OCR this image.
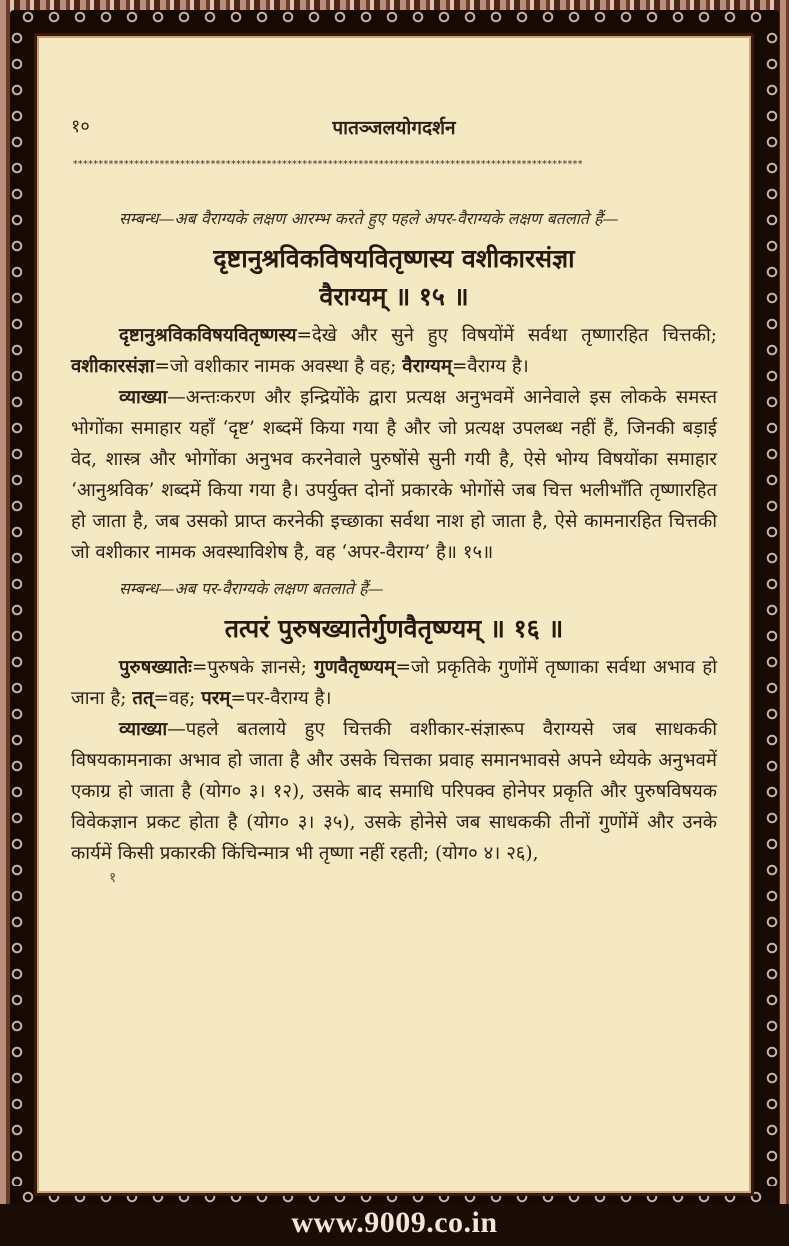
१०	पातञ्जलयोगदर्शन
****************************************************************************************************

सम्बन्ध—अब वैराग्यके लक्षण आरम्भ करते हुए पहले अपर-वैराग्यके लक्षण बतलाते हैं—

दृष्टानुश्रविकविषयवितृष्णस्य वशीकारसंज्ञा
वैराग्यम् ॥ १५ ॥

दृष्टानुश्रविकविषयवितृष्णस्य=देखे और सुने हुए विषयोंमें सर्वथा तृष्णारहित चित्तकी; वशीकारसंज्ञा=जो वशीकार नामक अवस्था है वह; वैराग्यम्=वैराग्य है।

व्याख्या—अन्तःकरण और इन्द्रियोंके द्वारा प्रत्यक्ष अनुभवमें आनेवाले इस लोकके समस्त भोगोंका समाहार यहाँ ‘दृष्ट’ शब्दमें किया गया है और जो प्रत्यक्ष उपलब्ध नहीं हैं, जिनकी बड़ाई वेद, शास्त्र और भोगोंका अनुभव करनेवाले पुरुषोंसे सुनी गयी है, ऐसे भोग्य विषयोंका समाहार ‘आनुश्रविक’ शब्दमें किया गया है। उपर्युक्त दोनों प्रकारके भोगोंसे जब चित्त भलीभाँति तृष्णारहित हो जाता है, जब उसको प्राप्त करनेकी इच्छाका सर्वथा नाश हो जाता है, ऐसे कामनारहित चित्तकी जो वशीकार नामक अवस्थाविशेष है, वह ‘अपर-वैराग्य’ है॥ १५॥

सम्बन्ध—अब पर-वैराग्यके लक्षण बतलाते हैं—

तत्परं पुरुषख्यातेर्गुणवैतृष्ण्यम् ॥ १६ ॥

पुरुषख्यातेः=पुरुषके ज्ञानसे; गुणवैतृष्ण्यम्=जो प्रकृतिके गुणोंमें तृष्णाका सर्वथा अभाव हो जाना है; तत्=वह; परम्=पर-वैराग्य है।

व्याख्या—पहले बतलाये हुए चित्तकी वशीकार-संज्ञारूप वैराग्यसे जब साधककी विषयकामनाका अभाव हो जाता है और उसके चित्तका प्रवाह समानभावसे अपने ध्येयके अनुभवमें एकाग्र हो जाता है (योग० ३। १२), उसके बाद समाधि परिपक्व होनेपर प्रकृति और पुरुषविषयक विवेकज्ञान प्रकट होता है (योग० ३। ३५), उसके होनेसे जब साधककी तीनों गुणोंमें और उनके कार्यमें किसी प्रकारकी किंचिन्मात्र भी तृष्णा नहीं रहती; (योग० ४। २६),

१
www.9009.co.in
